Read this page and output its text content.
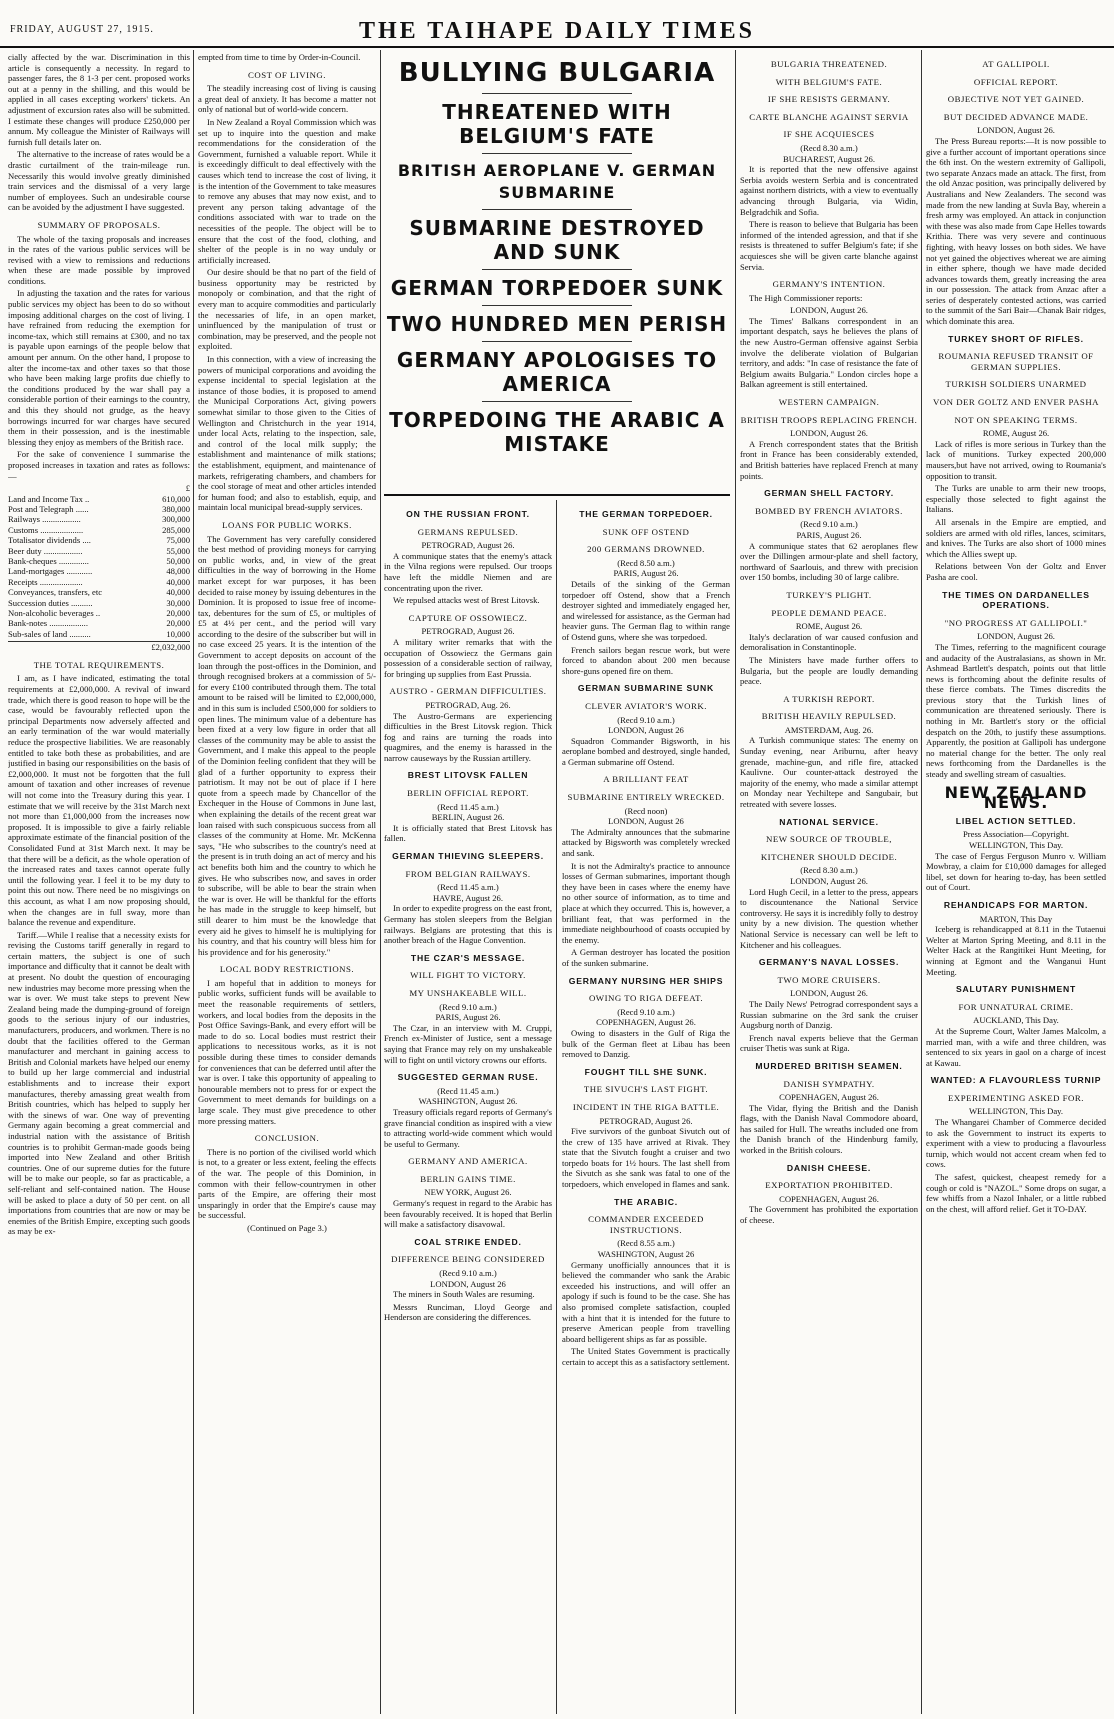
FRIDAY, AUGUST 27, 1915.	THE TAIHAPE DAILY TIMES

cially affected by the war. Discrimination in this article is consequently a necessity. In regard to passenger fares, the 8 1-3 per cent. proposed works out at a penny in the shilling, and this would be applied in all cases excepting workers' tickets. An adjustment of excursion rates also will be submitted. I estimate these changes will produce £250,000 per annum. My colleague the Minister of Railways will furnish full details later on.

The alternative to the increase of rates would be a drastic curtailment of the train-mileage run. Necessarily this would involve greatly diminished train services and the dismissal of a very large number of employees. Such an undesirable course can be avoided by the adjustment I have suggested.

SUMMARY OF PROPOSALS.

The whole of the taxing proposals and increases in the rates of the various public services will be revised with a view to remissions and reductions when these are made possible by improved conditions.

In adjusting the taxation and the rates for various public services my object has been to do so without imposing additional charges on the cost of living. I have refrained from reducing the exemption for income-tax, which still remains at £300, and no tax is payable upon earnings of the people below that amount per annum. On the other hand, I propose to alter the income-tax and other taxes so that those who have been making large profits due chiefly to the conditions produced by the war shall pay a considerable portion of their earnings to the country, and this they should not grudge, as the heavy borrowings incurred for war charges have secured them in their possession, and is the inestimable blessing they enjoy as members of the British race.

For the sake of convenience I summarise the proposed increases in taxation and rates as follows:—

	£
Land and Income Tax ..	610,000
Post and Telegraph ......	380,000
Railways ..................	300,000
Customs ....................	285,000
Totalisator dividends ....	75,000
Beer duty ..................	55,000
Bank-cheques ..............	50,000
Land-mortgages ............	48,000
Receipts ....................	40,000
Conveyances, transfers, etc	40,000
Succession duties ..........	30,000
Non-alcoholic beverages ..	20,000
Bank-notes ..................	20,000
Sub-sales of land ..........	10,000
£2,032,000
THE TOTAL REQUIREMENTS.

I am, as I have indicated, estimating the total requirements at £2,000,000. A revival of inward trade, which there is good reason to hope will be the case, would be favourably reflected upon the principal Departments now adversely affected and an early termination of the war would materially reduce the prospective liabilities. We are reasonably entitled to take both these as probabilities, and are justified in basing our responsibilities on the basis of £2,000,000. It must not be forgotten that the full amount of taxation and other increases of revenue will not come into the Treasury during this year. I estimate that we will receive by the 31st March next not more than £1,000,000 from the increases now proposed. It is impossible to give a fairly reliable approximate estimate of the financial position of the Consolidated Fund at 31st March next. It may be that there will be a deficit, as the whole operation of the increased rates and taxes cannot operate fully until the following year. I feel it to be my duty to point this out now. There need be no misgivings on this account, as what I am now proposing should, when the changes are in full sway, more than balance the revenue and expenditure.

Tariff.—While I realise that a necessity exists for revising the Customs tariff generally in regard to certain matters, the subject is one of such importance and difficulty that it cannot be dealt with at present. No doubt the question of encouraging new industries may become more pressing when the war is over. We must take steps to prevent New Zealand being made the dumping-ground of foreign goods to the serious injury of our industries, manufacturers, producers, and workmen. There is no doubt that the facilities offered to the German manufacturer and merchant in gaining access to British and Colonial markets have helped our enemy to build up her large commercial and industrial establishments and to increase their export manufactures, thereby amassing great wealth from British countries, which has helped to supply her with the sinews of war. One way of preventing Germany again becoming a great commercial and industrial nation with the assistance of British countries is to prohibit German-made goods being imported into New Zealand and other British countries. One of our supreme duties for the future will be to make our people, so far as practicable, a self-reliant and self-contained nation. The House will be asked to place a duty of 50 per cent. on all importations from countries that are now or may be enemies of the British Empire, excepting such goods as may be ex-

empted from time to time by Order-in-Council.

COST OF LIVING.

The steadily increasing cost of living is causing a great deal of anxiety. It has become a matter not only of national but of world-wide concern.

In New Zealand a Royal Commission which was set up to inquire into the question and make recommendations for the consideration of the Government, furnished a valuable report. While it is exceedingly difficult to deal effectively with the causes which tend to increase the cost of living, it is the intention of the Government to take measures to remove any abuses that may now exist, and to prevent any person taking advantage of the conditions associated with war to trade on the necessities of the people. The object will be to ensure that the cost of the food, clothing, and shelter of the people is in no way unduly or artificially increased.

Our desire should be that no part of the field of business opportunity may be restricted by monopoly or combination, and that the right of every man to acquire commodities and particularly the necessaries of life, in an open market, uninfluenced by the manipulation of trust or combination, may be preserved, and the people not exploited.

In this connection, with a view of increasing the powers of municipal corporations and avoiding the expense incidental to special legislation at the instance of those bodies, it is proposed to amend the Municipal Corporations Act, giving powers somewhat similar to those given to the Cities of Wellington and Christchurch in the year 1914, under local Acts, relating to the inspection, sale, and control of the local milk supply; the establishment and maintenance of milk stations; the establishment, equipment, and maintenance of markets, refrigerating chambers, and chambers for the cool storage of meat and other articles intended for human food; and also to establish, equip, and maintain local municipal bread-supply services.

LOANS FOR PUBLIC WORKS.

The Government has very carefully considered the best method of providing moneys for carrying on public works, and, in view of the great difficulties in the way of borrowing in the Home market except for war purposes, it has been decided to raise money by issuing debentures in the Dominion. It is proposed to issue free of income-tax, debentures for the sum of £5, or multiples of £5 at 4½ per cent., and the period will vary according to the desire of the subscriber but will in no case exceed 25 years. It is the intention of the Government to accept deposits on account of the loan through the post-offices in the Dominion, and through recognised brokers at a commission of 5/- for every £100 contributed through them. The total amount to be raised will be limited to £2,000,000, and in this sum is included £500,000 for soldiers to open lines. The minimum value of a debenture has been fixed at a very low figure in order that all classes of the community may be able to assist the Government, and I make this appeal to the people of the Dominion feeling confident that they will be glad of a further opportunity to express their patriotism. It may not be out of place if I here quote from a speech made by Chancellor of the Exchequer in the House of Commons in June last, when explaining the details of the recent great war loan raised with such conspicuous success from all classes of the community at Home. Mr. McKenna says, "He who subscribes to the country's need at the present is in truth doing an act of mercy and his act benefits both him and the country to which he gives. He who subscribes now, and saves in order to subscribe, will be able to bear the strain when the war is over. He will be thankful for the efforts he has made in the struggle to keep himself, but still dearer to him must be the knowledge that every aid he gives to himself he is multiplying for his country, and that his country will bless him for his providence and for his generosity."

LOCAL BODY RESTRICTIONS.

I am hopeful that in addition to moneys for public works, sufficient funds will be available to meet the reasonable requirements of settlers, workers, and local bodies from the deposits in the Post Office Savings-Bank, and every effort will be made to do so. Local bodies must restrict their applications to necessitous works, as it is not possible during these times to consider demands for conveniences that can be deferred until after the war is over. I take this opportunity of appealing to honourable members not to press for or expect the Government to meet demands for buildings on a large scale. They must give precedence to other more pressing matters.

CONCLUSION.

There is no portion of the civilised world which is not, to a greater or less extent, feeling the effects of the war. The people of this Dominion, in common with their fellow-countrymen in other parts of the Empire, are offering their most unsparingly in order that the Empire's cause may be successful.

(Continued on Page 3.)
BULLYING BULGARIA
THREATENED WITH BELGIUM'S FATE
BRITISH AEROPLANE V. GERMAN SUBMARINE
SUBMARINE DESTROYED AND SUNK
GERMAN TORPEDOER SUNK
TWO HUNDRED MEN PERISH
GERMANY APOLOGISES TO AMERICA
TORPEDOING THE ARABIC A MISTAKE
ON THE RUSSIAN FRONT.
GERMANS REPULSED.
PETROGRAD, August 26.

A communique states that the enemy's attack in the Vilna regions were repulsed. Our troops have left the middle Niemen and are concentrating upon the river.

We repulsed attacks west of Brest Litovsk.

CAPTURE OF OSSOWIECZ.
PETROGRAD, August 26.

A military writer remarks that with the occupation of Ossowiecz the Germans gain possession of a considerable section of railway, for bringing up supplies from East Prussia.

AUSTRO - GERMAN DIFFICULTIES.
PETROGRAD, Aug. 26.

The Austro-Germans are experiencing difficulties in the Brest Litovsk region. Thick fog and rains are turning the roads into quagmires, and the enemy is harassed in the narrow causeways by the Russian artillery.

BREST LITOVSK FALLEN
BERLIN OFFICIAL REPORT.
(Recd 11.45 a.m.)
BERLIN, August 26.

It is officially stated that Brest Litovsk has fallen.

GERMAN THIEVING SLEEPERS.
FROM BELGIAN RAILWAYS.
(Recd 11.45 a.m.)
HAVRE, August 26.

In order to expedite progress on the east front, Germany has stolen sleepers from the Belgian railways. Belgians are protesting that this is another breach of the Hague Convention.

THE CZAR'S MESSAGE.
WILL FIGHT TO VICTORY.
MY UNSHAKEABLE WILL.
(Recd 9.10 a.m.)
PARIS, August 26.

The Czar, in an interview with M. Cruppi, French ex-Minister of Justice, sent a message saying that France may rely on my unshakeable will to fight on until victory crowns our efforts.

SUGGESTED GERMAN RUSE.
(Recd 11.45 a.m.)
WASHINGTON, August 26.

Treasury officials regard reports of Germany's grave financial condition as inspired with a view to attracting world-wide comment which would be useful to Germany.

GERMANY AND AMERICA.
BERLIN GAINS TIME.
NEW YORK, August 26.

Germany's request in regard to the Arabic has been favourably received. It is hoped that Berlin will make a satisfactory disavowal.

COAL STRIKE ENDED.
DIFFERENCE BEING CONSIDERED
(Recd 9.10 a.m.)
LONDON, August 26

The miners in South Wales are resuming.

Messrs Runciman, Lloyd George and Henderson are considering the differences.

THE GERMAN TORPEDOER.
SUNK OFF OSTEND
200 GERMANS DROWNED.
(Recd 8.50 a.m.)
PARIS, August 26.

Details of the sinking of the German torpedoer off Ostend, show that a French destroyer sighted and immediately engaged her, and wirelessed for assistance, as the German had heavier guns. The German flag to within range of Ostend guns, where she was torpedoed.

French sailors began rescue work, but were forced to abandon about 200 men because shore-guns opened fire on them.

GERMAN SUBMARINE SUNK
CLEVER AVIATOR'S WORK.
(Recd 9.10 a.m.)
LONDON, August 26

Squadron Commander Bigsworth, in his aeroplane bombed and destroyed, single handed, a German submarine off Ostend.

A BRILLIANT FEAT
SUBMARINE ENTIRELY WRECKED.
(Recd noon)
LONDON, August 26

The Admiralty announces that the submarine attacked by Bigsworth was completely wrecked and sank.

It is not the Admiralty's practice to announce losses of German submarines, important though they have been in cases where the enemy have no other source of information, as to time and place at which they occurred. This is, however, a brilliant feat, that was performed in the immediate neighbourhood of coasts occupied by the enemy.

A German destroyer has located the position of the sunken submarine.

GERMANY NURSING HER SHIPS
OWING TO RIGA DEFEAT.
(Recd 9.10 a.m.)
COPENHAGEN, August 26.

Owing to disasters in the Gulf of Riga the bulk of the German fleet at Libau has been removed to Danzig.

FOUGHT TILL SHE SUNK.
THE SIVUCH'S LAST FIGHT.
INCIDENT IN THE RIGA BATTLE.
PETROGRAD, August 26.

Five survivors of the gunboat Sivutch out of the crew of 135 have arrived at Rivak. They state that the Sivutch fought a cruiser and two torpedo boats for 1½ hours. The last shell from the Sivutch as she sank was fatal to one of the torpedoers, which enveloped in flames and sank.

THE ARABIC.
COMMANDER EXCEEDED INSTRUCTIONS.
(Recd 8.55 a.m.)
WASHINGTON, August 26

Germany unofficially announces that it is believed the commander who sank the Arabic exceeded his instructions, and will offer an apology if such is found to be the case. She has also promised complete satisfaction, coupled with a hint that it is intended for the future to preserve American people from travelling aboard belligerent ships as far as possible.

The United States Government is practically certain to accept this as a satisfactory settlement.

BULGARIA THREATENED.
WITH BELGIUM'S FATE.
IF SHE RESISTS GERMANY.
CARTE BLANCHE AGAINST SERVIA
IF SHE ACQUIESCES
(Recd 8.30 a.m.)
BUCHAREST, August 26.

It is reported that the new offensive against Serbia avoids western Serbia and is concentrated against northern districts, with a view to eventually advancing through Bulgaria, via Widin, Belgradchik and Sofia.

There is reason to believe that Bulgaria has been informed of the intended agression, and that if she resists is threatened to suffer Belgium's fate; if she acquiesces she will be given carte blanche against Servia.

GERMANY'S INTENTION.

The High Commissioner reports:

LONDON, August 26.

The Times' Balkans correspondent in an important despatch, says he believes the plans of the new Austro-German offensive against Serbia involve the deliberate violation of Bulgarian territory, and adds: "In case of resistance the fate of Belgium awaits Bulgaria." London circles hope a Balkan agreement is still entertained.

WESTERN CAMPAIGN.
BRITISH TROOPS REPLACING FRENCH.
LONDON, August 26.

A French correspondent states that the British front in France has been considerably extended, and British batteries have replaced French at many points.

GERMAN SHELL FACTORY.
BOMBED BY FRENCH AVIATORS.
(Recd 9.10 a.m.)
PARIS, August 26.

A communique states that 62 aeroplanes flew over the Dillingen armour-plate and shell factory, northward of Saarlouis, and threw with precision over 150 bombs, including 30 of large calibre.

TURKEY'S PLIGHT.
PEOPLE DEMAND PEACE.
ROME, August 26.

Italy's declaration of war caused confusion and demoralisation in Constantinople.

The Ministers have made further offers to Bulgaria, but the people are loudly demanding peace.

A TURKISH REPORT.
BRITISH HEAVILY REPULSED.
AMSTERDAM, Aug. 26.

A Turkish communique states: The enemy on Sunday evening, near Ariburnu, after heavy grenade, machine-gun, and rifle fire, attacked Kaulivne. Our counter-attack destroyed the majority of the enemy, who made a similar attempt on Monday near Yechiltepe and Sangubair, but retreated with severe losses.

NATIONAL SERVICE.
NEW SOURCE OF TROUBLE,
KITCHENER SHOULD DECIDE.
(Recd 8.30 a.m.)
LONDON, August 26.

Lord Hugh Cecil, in a letter to the press, appears to discountenance the National Service controversy. He says it is incredibly folly to destroy unity by a new division. The question whether National Service is necessary can well be left to Kitchener and his colleagues.

GERMANY'S NAVAL LOSSES.
TWO MORE CRUISERS.
LONDON, August 26.

The Daily News' Petrograd correspondent says a Russian submarine on the 3rd sank the cruiser Augsburg north of Danzig.

French naval experts believe that the German cruiser Thetis was sunk at Riga.

MURDERED BRITISH SEAMEN.
DANISH SYMPATHY.
COPENHAGEN, August 26.

The Vidar, flying the British and the Danish flags, with the Danish Naval Commodore aboard, has sailed for Hull. The wreaths included one from the Danish branch of the Hindenburg family, worked in the British colours.

DANISH CHEESE.
EXPORTATION PROHIBITED.
COPENHAGEN, August 26.

The Government has prohibited the exportation of cheese.

AT GALLIPOLI.
OFFICIAL REPORT.
OBJECTIVE NOT YET GAINED.
BUT DECIDED ADVANCE MADE.
LONDON, August 26.

The Press Bureau reports:—It is now possible to give a further account of important operations since the 6th inst. On the western extremity of Gallipoli, two separate Anzacs made an attack. The first, from the old Anzac position, was principally delivered by Australians and New Zealanders. The second was made from the new landing at Suvla Bay, wherein a fresh army was employed. An attack in conjunction with these was also made from Cape Helles towards Krithia. There was very severe and continuous fighting, with heavy losses on both sides. We have not yet gained the objectives whereat we are aiming in either sphere, though we have made decided advances towards them, greatly increasing the area in our possession. The attack from Anzac after a series of desperately contested actions, was carried to the summit of the Sari Bair—Chanak Bair ridges, which dominate this area.

TURKEY SHORT OF RIFLES.
ROUMANIA REFUSED TRANSIT OF GERMAN SUPPLIES.
TURKISH SOLDIERS UNARMED
VON DER GOLTZ AND ENVER PASHA
NOT ON SPEAKING TERMS.
ROME, August 26.

Lack of rifles is more serious in Turkey than the lack of munitions. Turkey expected 200,000 mausers,but have not arrived, owing to Roumania's opposition to transit.

The Turks are unable to arm their new troops, especially those selected to fight against the Italians.

All arsenals in the Empire are emptied, and soldiers are armed with old rifles, lances, scimitars, and knives. The Turks are also short of 1000 mines which the Allies swept up.

Relations between Von der Goltz and Enver Pasha are cool.

THE TIMES ON DARDANELLES OPERATIONS.
"NO PROGRESS AT GALLIPOLI."
LONDON, August 26.

The Times, referring to the magnificent courage and audacity of the Australasians, as shown in Mr. Ashmead Bartlett's despatch, points out that little news is forthcoming about the definite results of these fierce combats. The Times discredits the previous story that the Turkish lines of communication are threatened seriously. There is nothing in Mr. Bartlett's story or the official despatch on the 20th, to justify these assumptions. Apparently, the position at Gallipoli has undergone no material change for the better. The only real news forthcoming from the Dardanelles is the steady and swelling stream of casualties.

NEW ZEALAND NEWS.
LIBEL ACTION SETTLED.
Press Association—Copyright.
WELLINGTON, This Day.

The case of Fergus Ferguson Munro v. William Mowbray, a claim for £10,000 damages for alleged libel, set down for hearing to-day, has been settled out of Court.

REHANDICAPS FOR MARTON.
MARTON, This Day

Iceberg is rehandicapped at 8.11 in the Tutaenui Welter at Marton Spring Meeting, and 8.11 in the Welter Hack at the Rangitikei Hunt Meeting, for winning at Egmont and the Wanganui Hunt Meeting.

SALUTARY PUNISHMENT
FOR UNNATURAL CRIME.
AUCKLAND, This Day.

At the Supreme Court, Walter James Malcolm, a married man, with a wife and three children, was sentenced to six years in gaol on a charge of incest at Kawau.

WANTED: A FLAVOURLESS TURNIP
EXPERIMENTING ASKED FOR.
WELLINGTON, This Day.

The Whangarei Chamber of Commerce decided to ask the Government to instruct its experts to experiment with a view to producing a flavourless turnip, which would not accent cream when fed to cows.

The safest, quickest, cheapest remedy for a cough or cold is "NAZOL." Some drops on sugar, a few whiffs from a Nazol Inhaler, or a little rubbed on the chest, will afford relief. Get it TO-DAY.
